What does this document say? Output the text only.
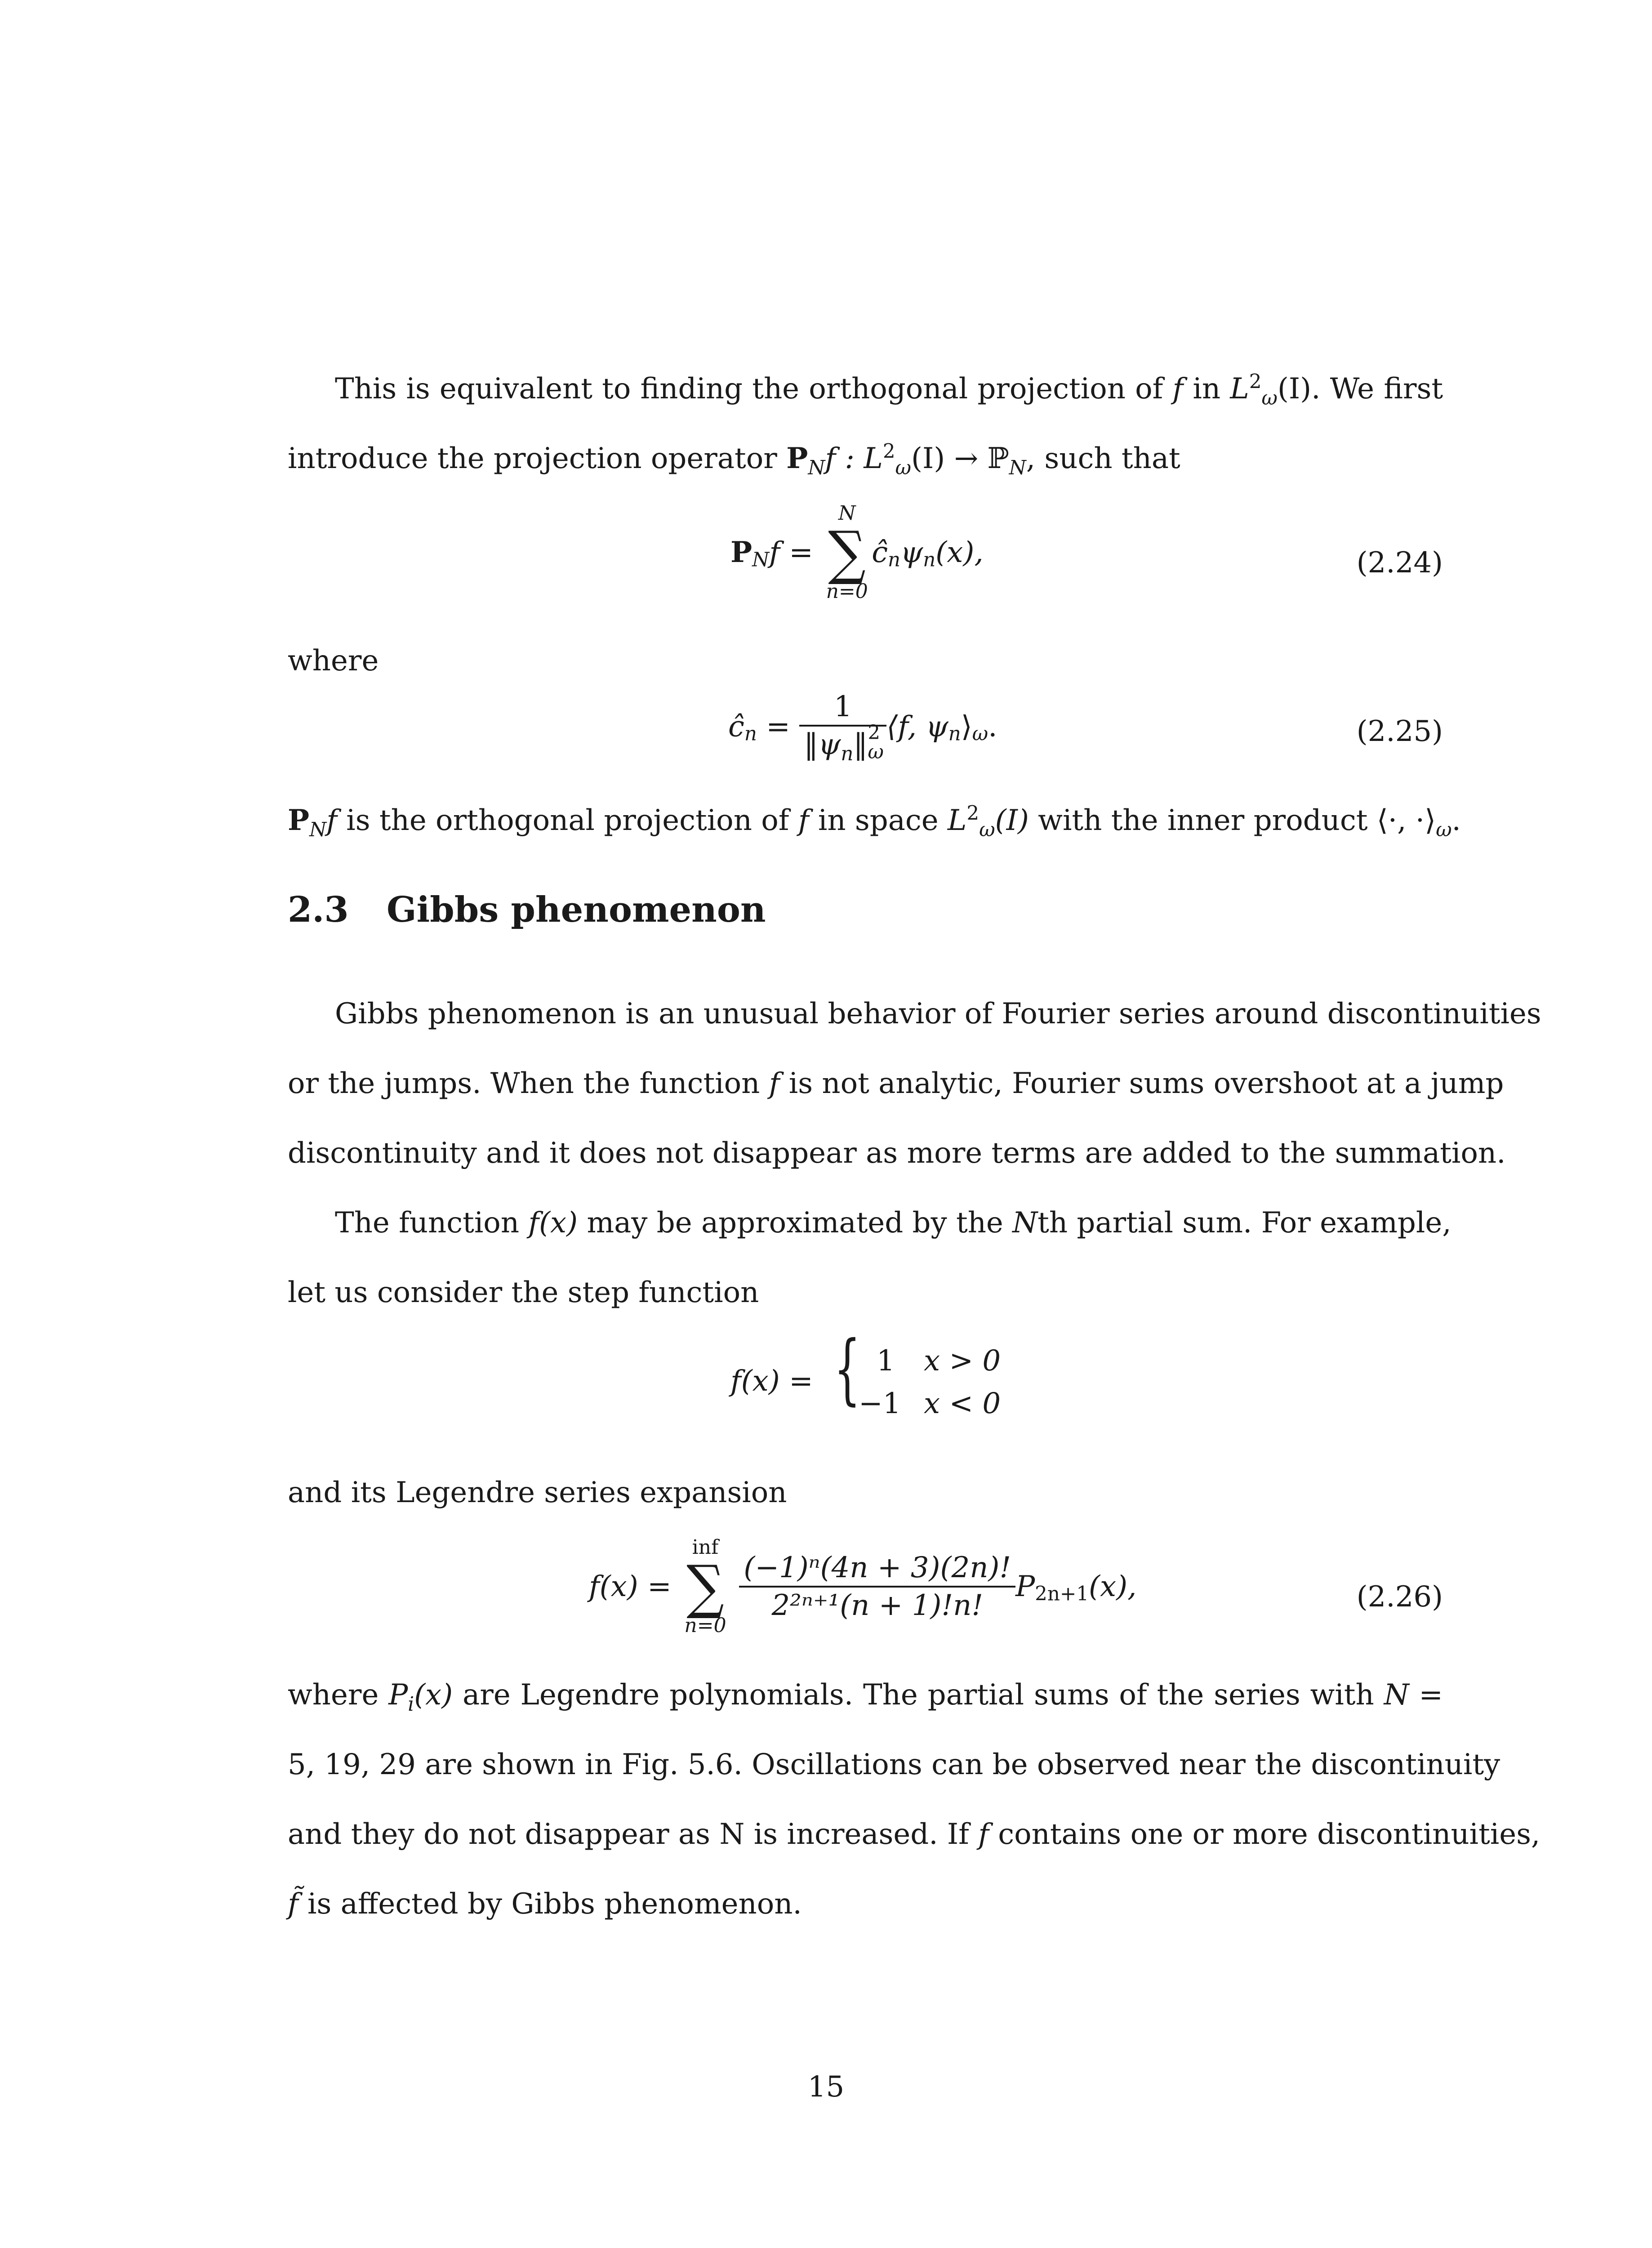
This is equivalent to finding the orthogonal projection of f in $L^2_\omega(I)$. We first
introduce the projection operator $P_Nf$ : $L^2_\omega(I)$ → ℙ$_N$, such that
$P_Nf$ =
N
∑
n=0
$ĉ_n\psi_n(x)$,	(2.24)
where
$ĉ_n = 1$
$‖\psi_n‖$ 2
ω ⟨f, $\psi_n⟩_\omega$.	(2.25)
$P_Nf$ is the orthogonal projection of f in space $L^2_\omega(I)$ with the inner product ⟨·, $\cdot⟩_\omega$.
2.3 Gibbs phenomenon
Gibbs phenomenon is an unusual behavior of Fourier series around discontinuities
or the jumps. When the function f is not analytic, Fourier sums overshoot at a jump
discontinuity and it does not disappear as more terms are added to the summation.
The function f(x) may be approximated by the Nth partial sum. For example,
let us consider the step function
f(x) = { 1 x > 0
−1 x < 0
and its Legendre series expansion
f(x) =
inf
∑
n=0

$\frac{\text{(−1)ⁿ(4n + 3)(2n)!}}{\text{2²ⁿ⁺¹(n + 1)!n!}} P_{2n+1}(x)$,	(2.26)
where $P_i(x)$ are Legendre polynomials. The partial sums of the series with N =
5, 19, 29 are shown in Fig. 5.6. Oscillations can be observed near the discontinuity
and they do not disappear as N is increased. If f contains one or more discontinuities,
f̃ is affected by Gibbs phenomenon.
15
